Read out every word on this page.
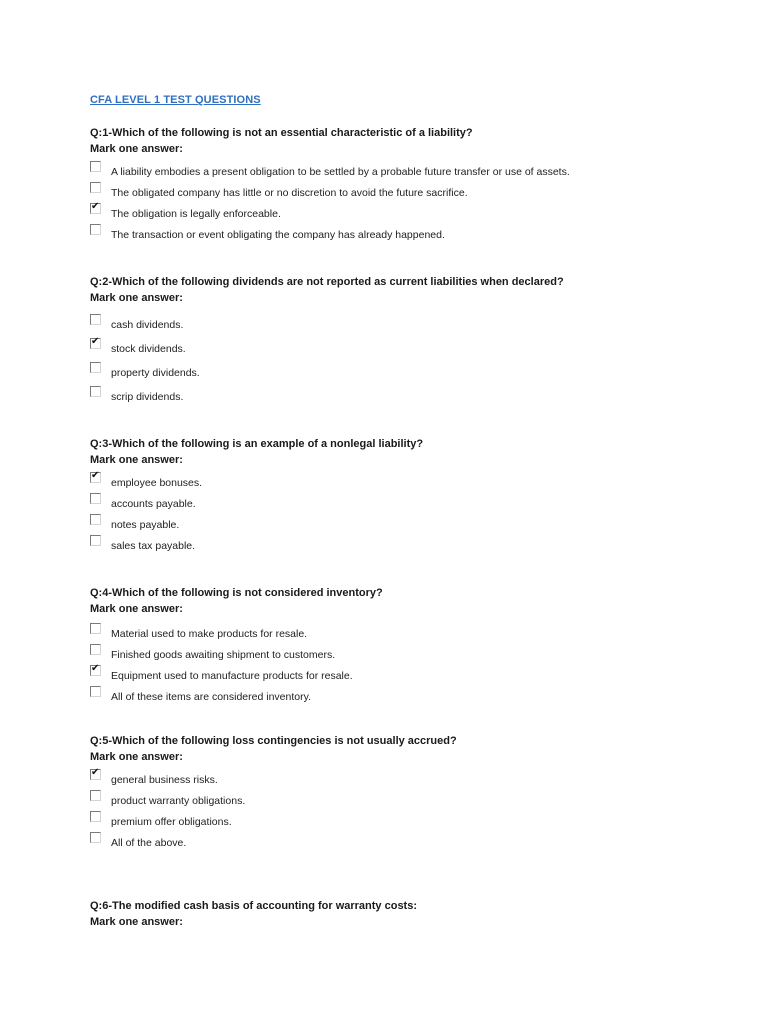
CFA LEVEL 1 TEST QUESTIONS
Q:1-Which of the following is not an essential characteristic of a liability?
Mark one answer:
A liability embodies a present obligation to be settled by a probable future transfer or use of assets.
The obligated company has little or no discretion to avoid the future sacrifice.
✔
The obligation is legally enforceable.
The transaction or event obligating the company has already happened.
Q:2-Which of the following dividends are not reported as current liabilities when declared?
Mark one answer:
cash dividends.
✔
stock dividends.
property dividends.
scrip dividends.
Q:3-Which of the following is an example of a nonlegal liability?
Mark one answer:
✔
employee bonuses.
accounts payable.
notes payable.
sales tax payable.
Q:4-Which of the following is not considered inventory?
Mark one answer:
Material used to make products for resale.
Finished goods awaiting shipment to customers.
✔
Equipment used to manufacture products for resale.
All of these items are considered inventory.
Q:5-Which of the following loss contingencies is not usually accrued?
Mark one answer:
✔
general business risks.
product warranty obligations.
premium offer obligations.
All of the above.
Q:6-The modified cash basis of accounting for warranty costs:
Mark one answer:
